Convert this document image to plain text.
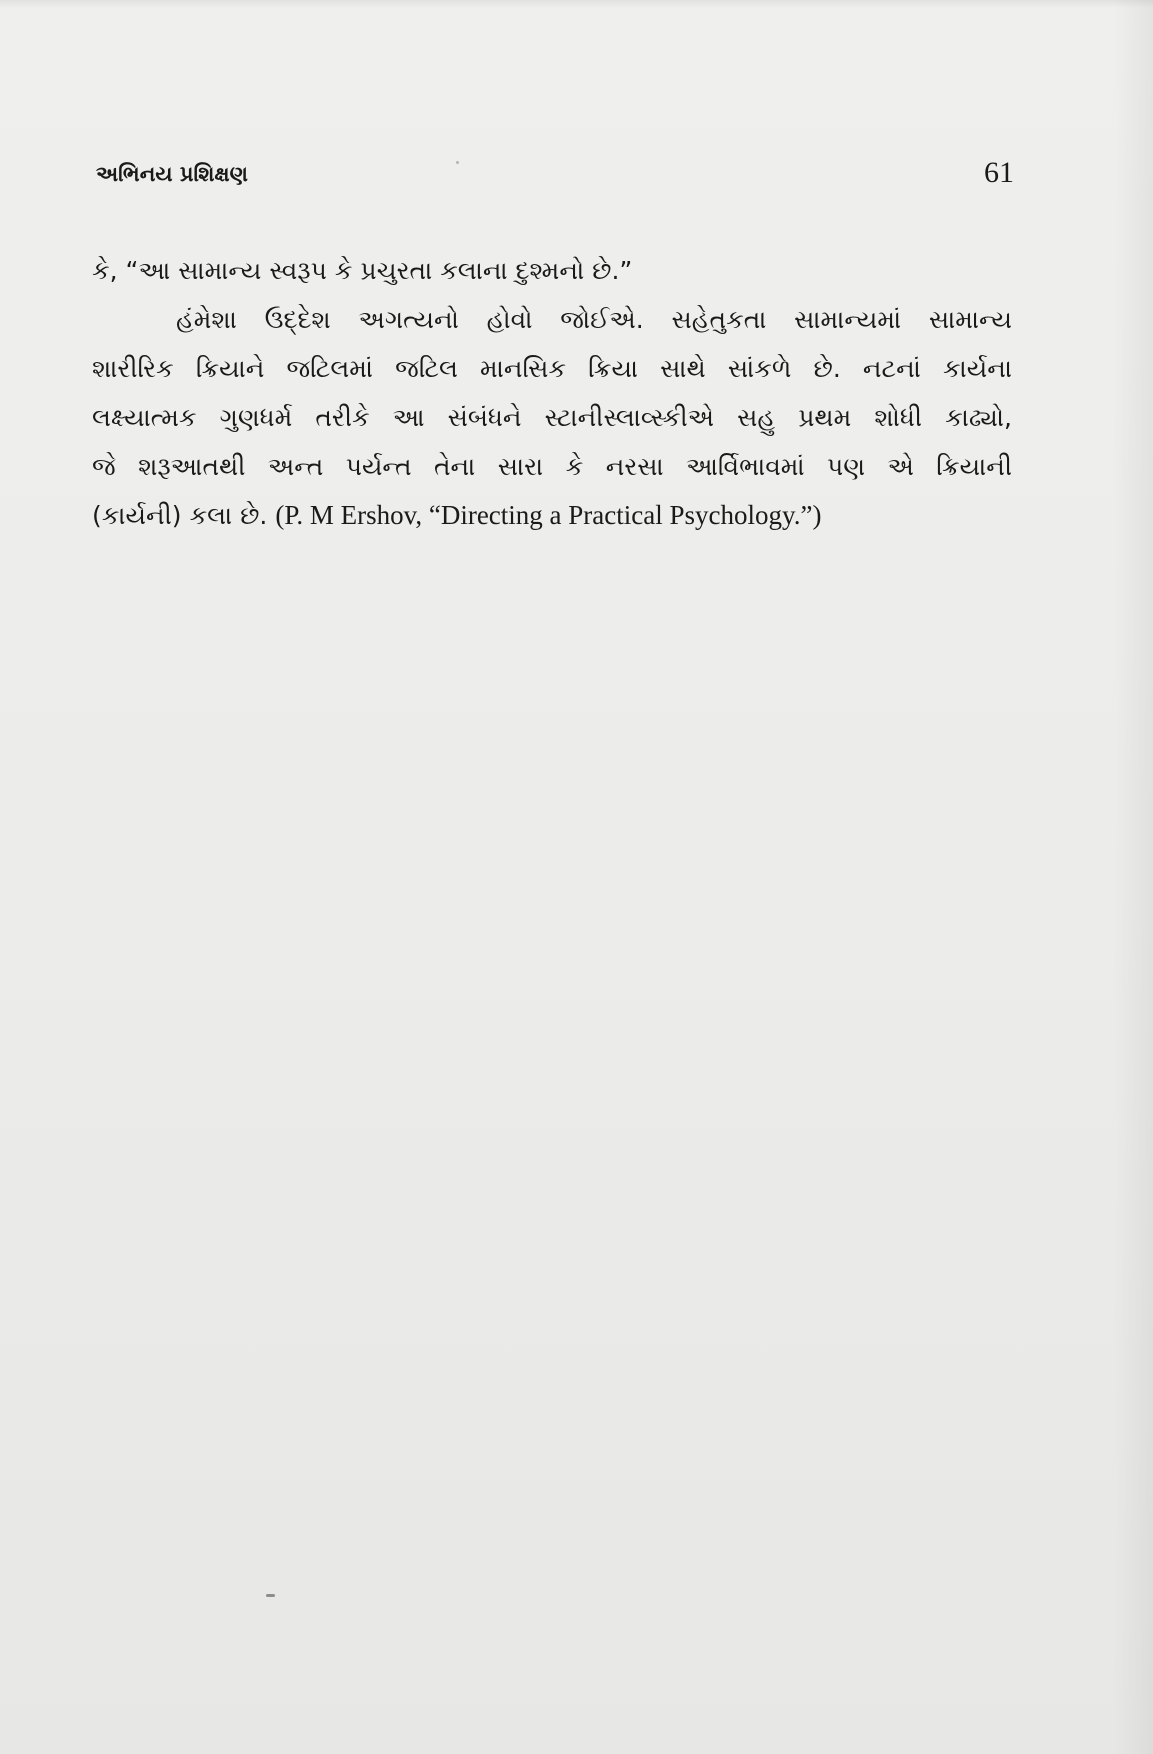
અભિનય પ્રશિક્ષણ	61
કે, “આ સામાન્ય સ્વરૂપ કે પ્રચુરતા કલાના દુશ્મનો છે.”
હંમેશા ઉદ્દેશ અગત્યનો હોવો જોઈએ. સહેતુકતા સામાન્યમાં સામાન્ય
શારીરિક ક્રિયાને જટિલમાં જટિલ માનસિક ક્રિયા સાથે સાંકળે છે. નટનાં કાર્યના
લક્ષ્યાત્મક ગુણધર્મ તરીકે આ સંબંધને સ્ટાનીસ્લાવ્સ્કીએ સહુ પ્રથમ શોધી કાઢ્યો,
જે શરૂઆતથી અન્ત પર્યન્ત તેના સારા કે નરસા આર્વિભાવમાં પણ એ ક્રિયાની
(કાર્યની) કલા છે. (P. M Ershov, “Directing a Practical Psychology.”)
